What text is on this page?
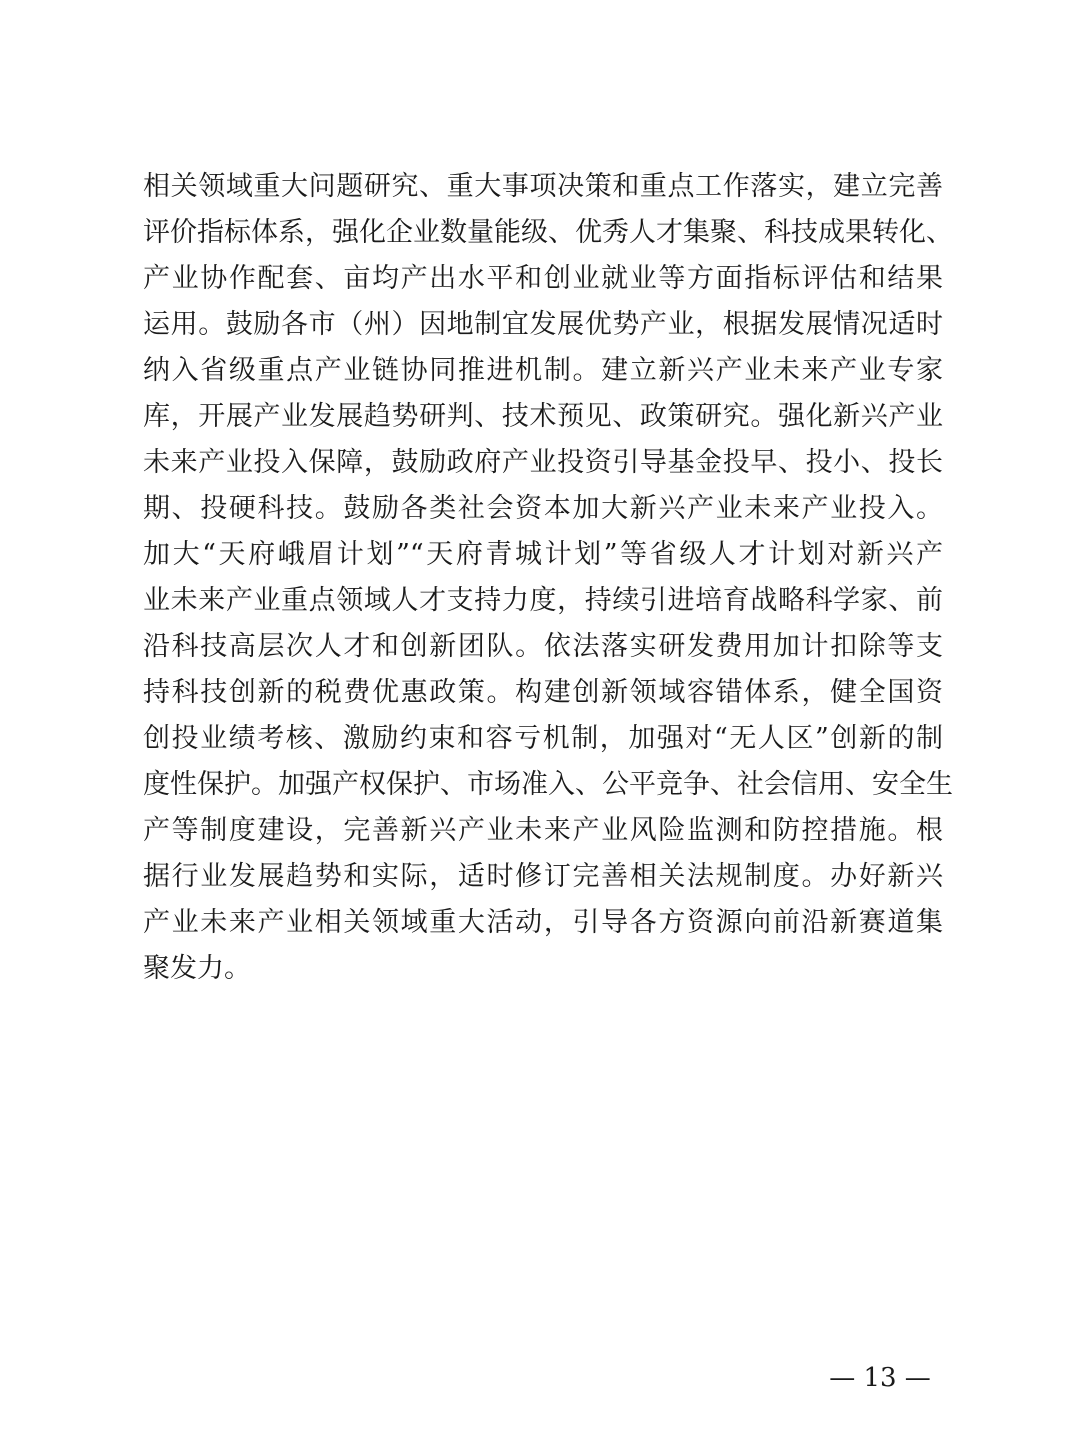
相关领域重大问题研究、重大事项决策和重点工作落实，建立完善
评价指标体系，强化企业数量能级、优秀人才集聚、科技成果转化、
产业协作配套、亩均产出水平和创业就业等方面指标评估和结果
运用。鼓励各市（州）因地制宜发展优势产业，根据发展情况适时
纳入省级重点产业链协同推进机制。建立新兴产业未来产业专家
库，开展产业发展趋势研判、技术预见、政策研究。强化新兴产业
未来产业投入保障，鼓励政府产业投资引导基金投早、投小、投长
期、投硬科技。鼓励各类社会资本加大新兴产业未来产业投入。
加大“天府峨眉计划”“天府青城计划”等省级人才计划对新兴产
业未来产业重点领域人才支持力度，持续引进培育战略科学家、前
沿科技高层次人才和创新团队。依法落实研发费用加计扣除等支
持科技创新的税费优惠政策。构建创新领域容错体系，健全国资
创投业绩考核、激励约束和容亏机制，加强对“无人区”创新的制
度性保护。加强产权保护、市场准入、公平竞争、社会信用、安全生
产等制度建设，完善新兴产业未来产业风险监测和防控措施。根
据行业发展趋势和实际，适时修订完善相关法规制度。办好新兴
产业未来产业相关领域重大活动，引导各方资源向前沿新赛道集
聚发力。
— 13 —
